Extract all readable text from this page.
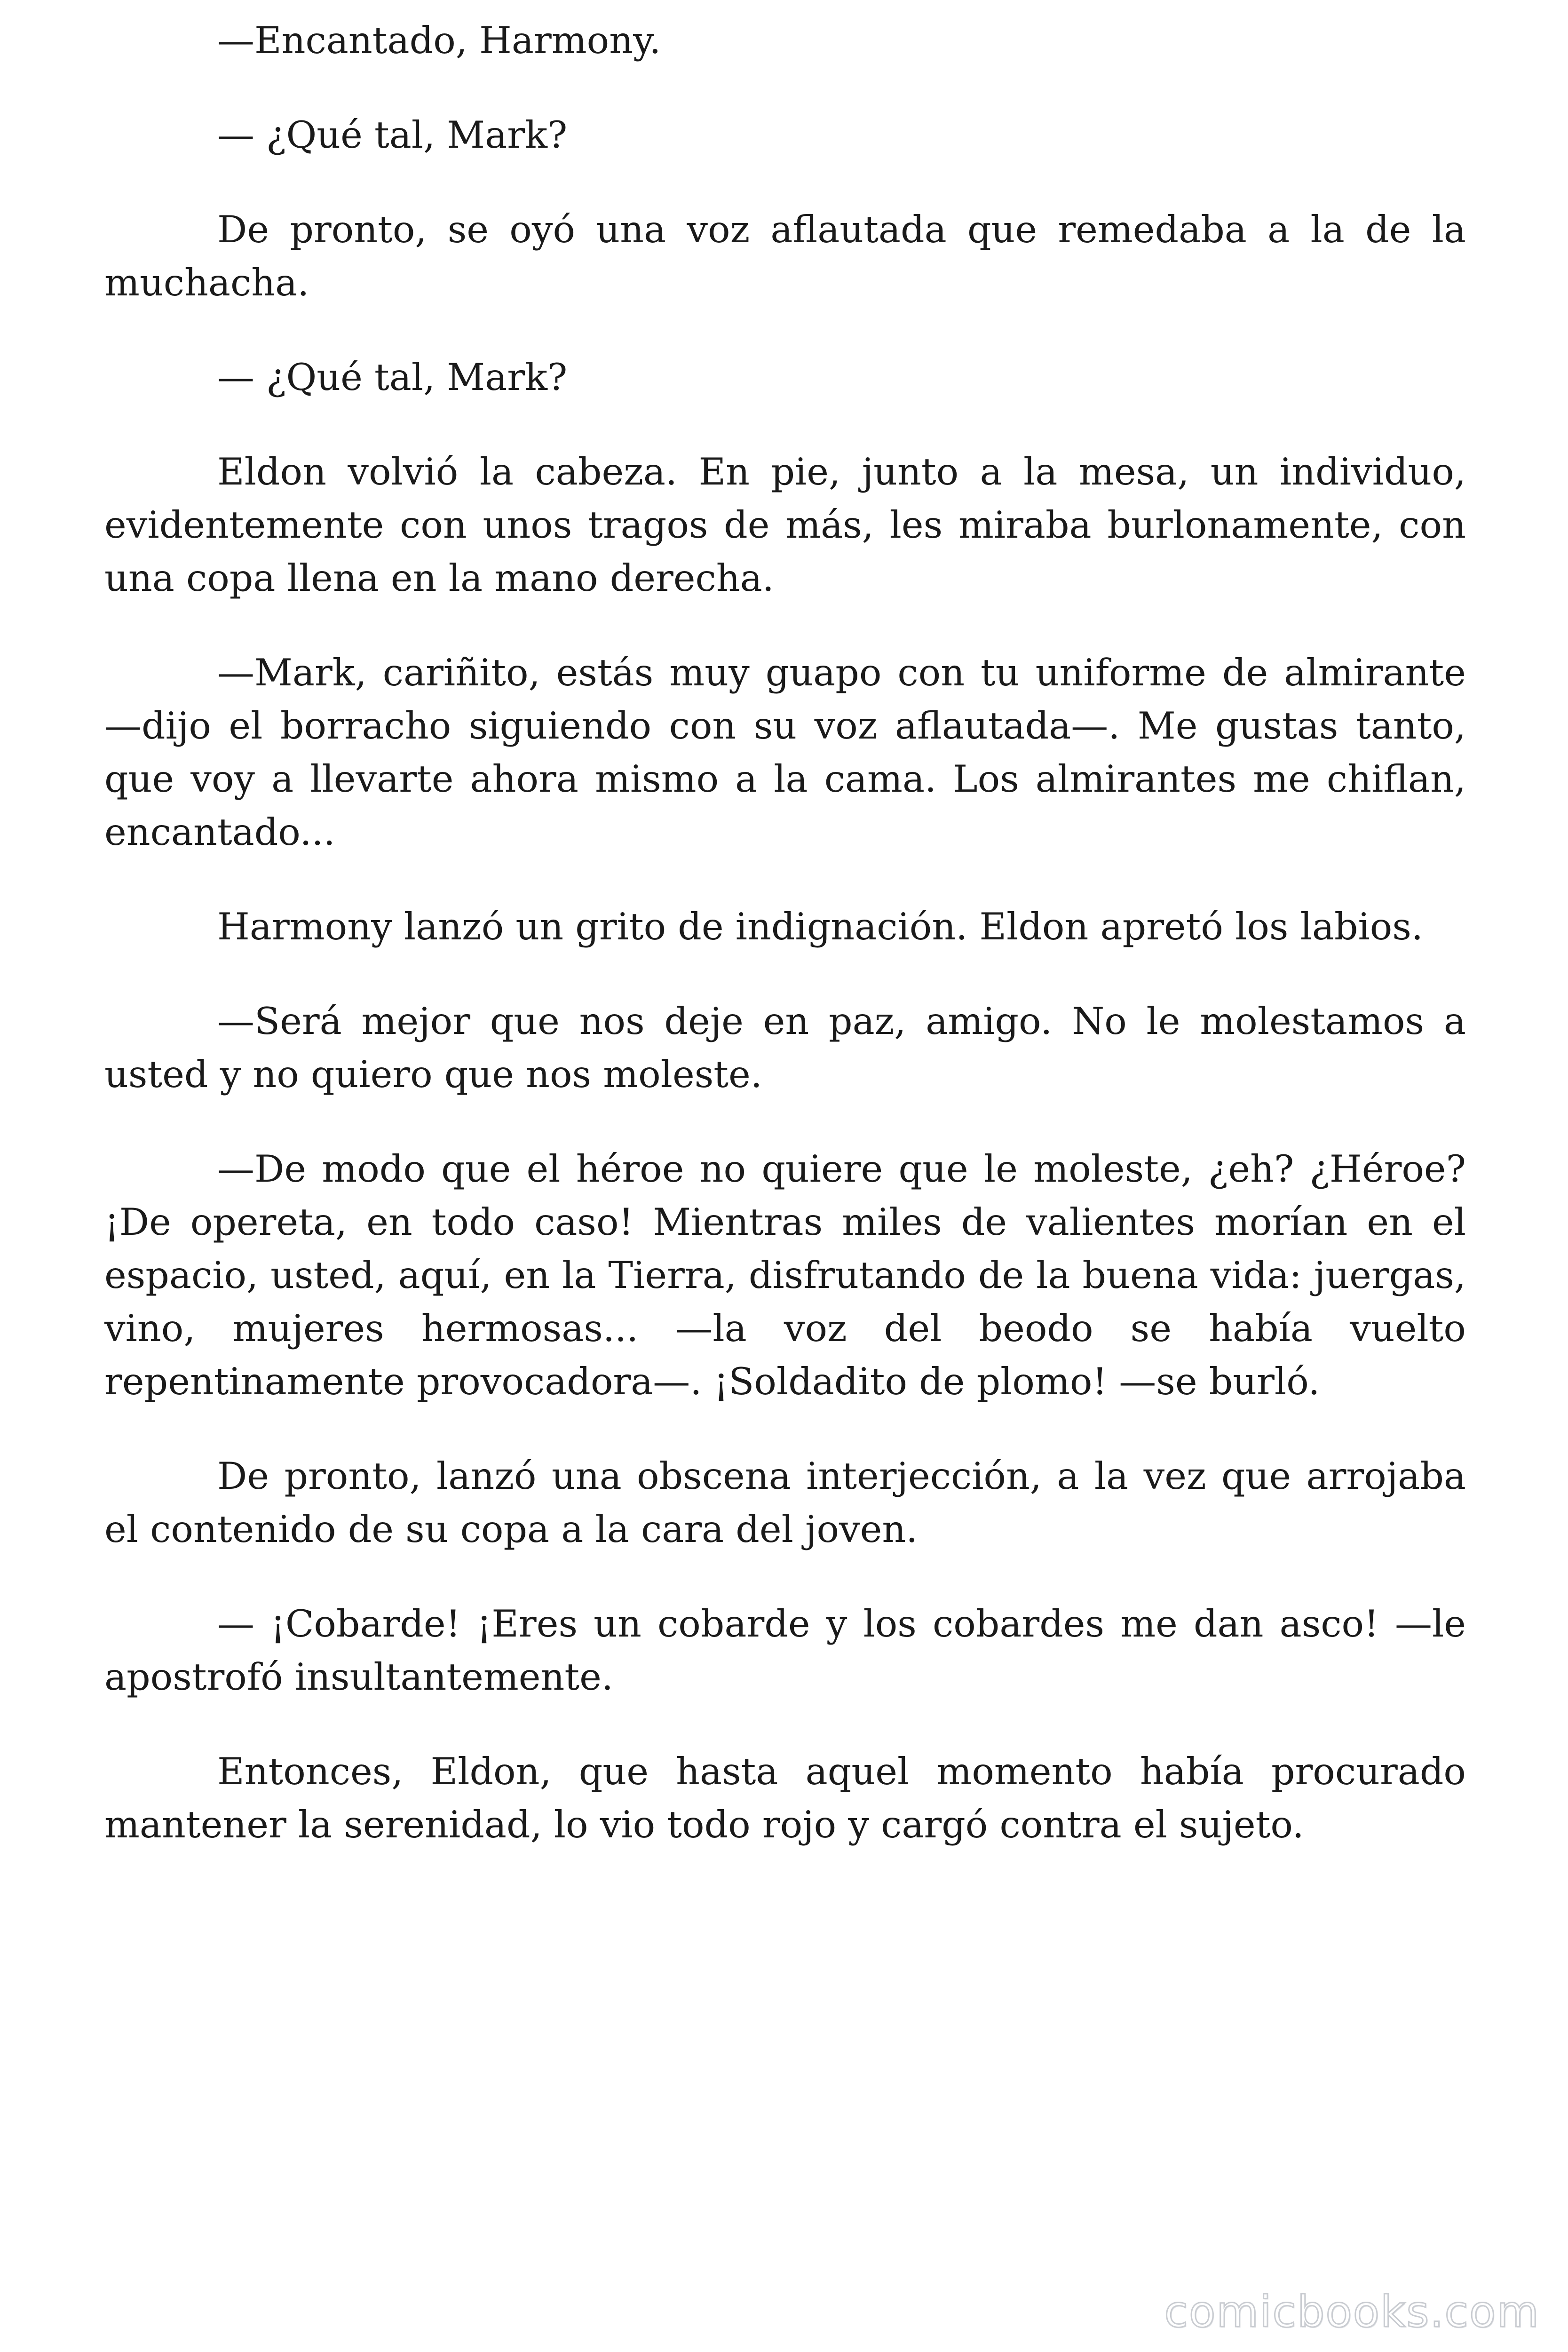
—Encantado, Harmony.

— ¿Qué tal, Mark?

De pronto, se oyó una voz aflautada que remedaba a la de la muchacha.

— ¿Qué tal, Mark?

Eldon volvió la cabeza. En pie, junto a la mesa, un individuo, evidentemente con unos tragos de más, les miraba burlonamente, con una copa llena en la mano derecha.

—Mark, cariñito, estás muy guapo con tu uniforme de almirante —dijo el borracho siguiendo con su voz aflautada—. Me gustas tanto, que voy a llevarte ahora mismo a la cama. Los almirantes me chiflan, encantado...

Harmony lanzó un grito de indignación. Eldon apretó los labios.

—Será mejor que nos deje en paz, amigo. No le molestamos a usted y no quiero que nos moleste.

—De modo que el héroe no quiere que le moleste, ¿eh? ¿Héroe? ¡De opereta, en todo caso! Mientras miles de valientes morían en el espacio, usted, aquí, en la Tierra, disfrutando de la buena vida: juergas, vino, mujeres hermosas... —la voz del beodo se había vuelto repentinamente provocadora—. ¡Soldadito de plomo! —se burló.

De pronto, lanzó una obscena interjección, a la vez que arrojaba el contenido de su copa a la cara del joven.

— ¡Cobarde! ¡Eres un cobarde y los cobardes me dan asco! —le apostrofó insultantemente.

Entonces, Eldon, que hasta aquel momento había procurado mantener la serenidad, lo vio todo rojo y cargó contra el sujeto.

comicbooks.com
